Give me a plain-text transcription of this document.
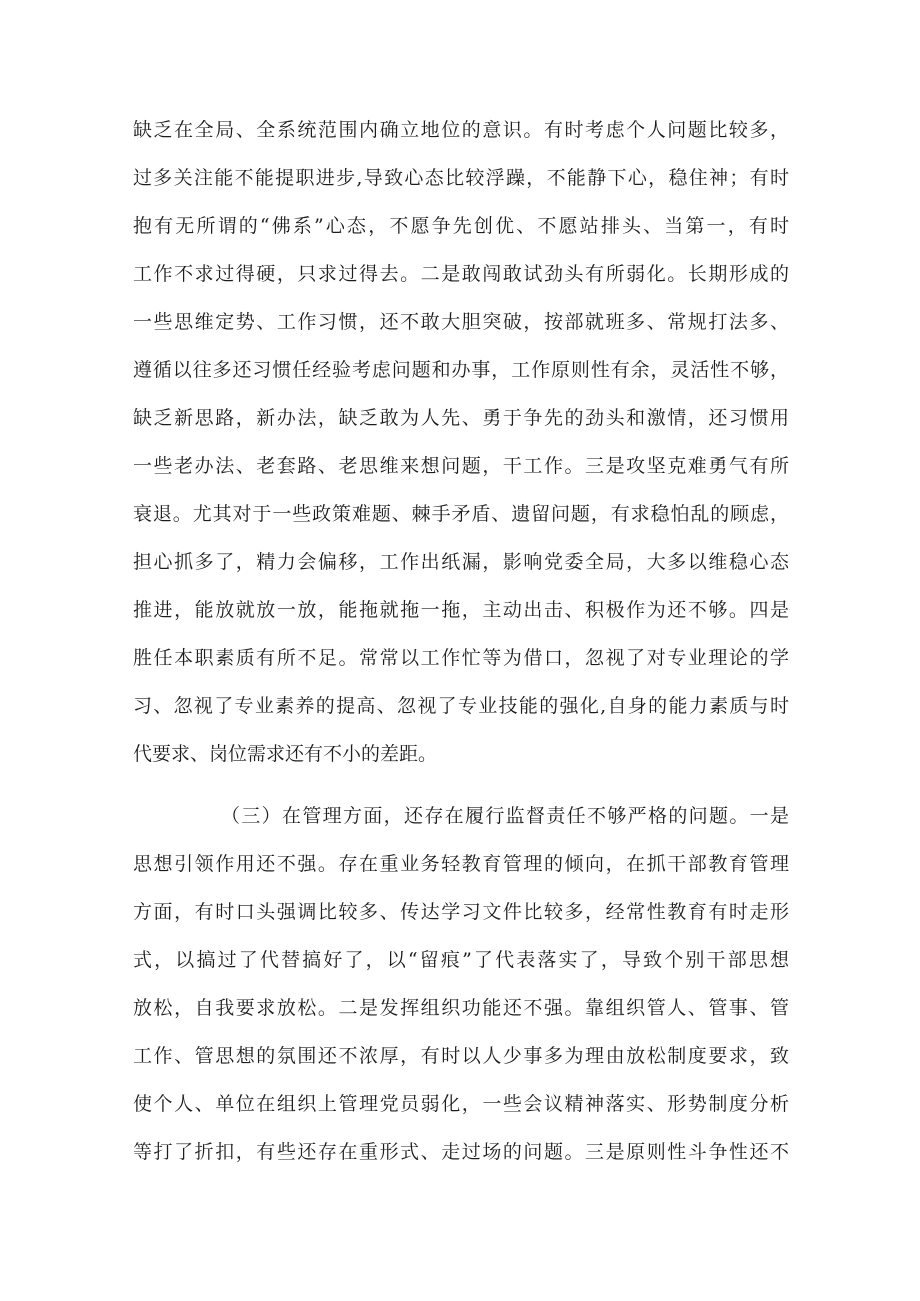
缺乏在全局、全系统范围内确立地位的意识。有时考虑个人问题比较多，
过多关注能不能提职进步,导致心态比较浮躁，不能静下心，稳住神；有时
抱有无所谓的“佛系”心态，不愿争先创优、不愿站排头、当第一，有时
工作不求过得硬，只求过得去。二是敢闯敢试劲头有所弱化。长期形成的
一些思维定势、工作习惯，还不敢大胆突破，按部就班多、常规打法多、
遵循以往多还习惯任经验考虑问题和办事，工作原则性有余，灵活性不够，
缺乏新思路，新办法，缺乏敢为人先、勇于争先的劲头和激情，还习惯用
一些老办法、老套路、老思维来想问题，干工作。三是攻坚克难勇气有所
衰退。尤其对于一些政策难题、棘手矛盾、遗留问题，有求稳怕乱的顾虑，
担心抓多了，精力会偏移，工作出纸漏，影响党委全局，大多以维稳心态
推进，能放就放一放，能拖就拖一拖，主动出击、积极作为还不够。四是
胜任本职素质有所不足。常常以工作忙等为借口，忽视了对专业理论的学
习、忽视了专业素养的提高、忽视了专业技能的强化,自身的能力素质与时
代要求、岗位需求还有不小的差距。
（三）在管理方面，还存在履行监督责任不够严格的问题。一是
思想引领作用还不强。存在重业务轻教育管理的倾向，在抓干部教育管理
方面，有时口头强调比较多、传达学习文件比较多，经常性教育有时走形
式，以搞过了代替搞好了，以“留痕”了代表落实了，导致个别干部思想
放松，自我要求放松。二是发挥组织功能还不强。靠组织管人、管事、管
工作、管思想的氛围还不浓厚，有时以人少事多为理由放松制度要求，致
使个人、单位在组织上管理党员弱化，一些会议精神落实、形势制度分析
等打了折扣，有些还存在重形式、走过场的问题。三是原则性斗争性还不
